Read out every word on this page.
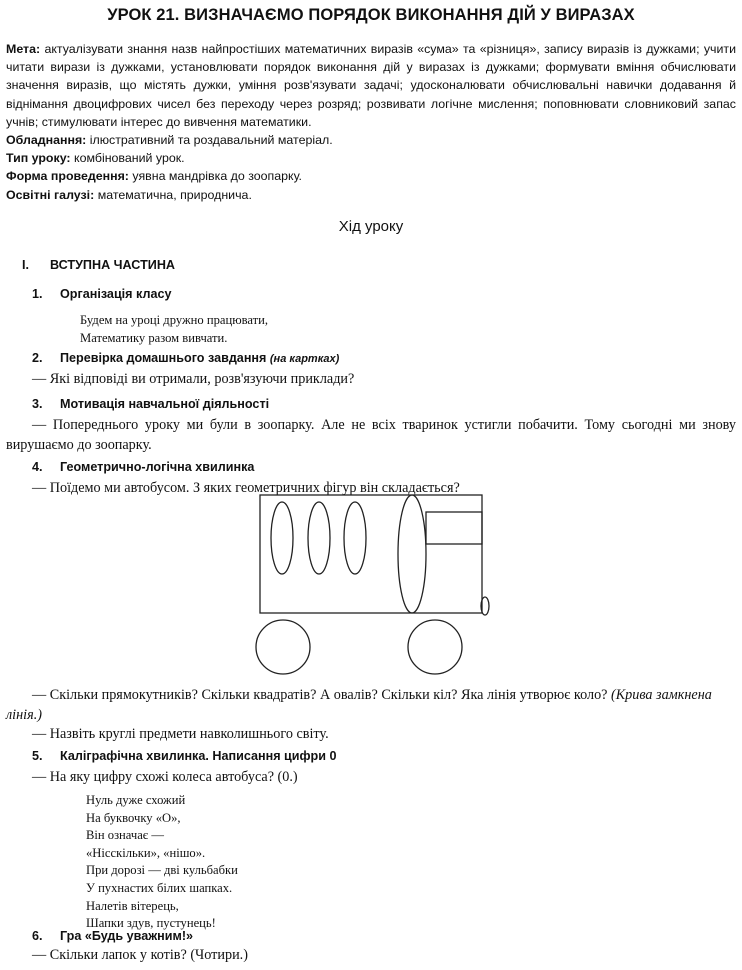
УРОК 21. ВИЗНАЧАЄМО ПОРЯДОК ВИКОНАННЯ ДІЙ У ВИРАЗАХ

Мета: актуалізувати знання назв найпростіших математичних виразів «сума» та «різниця», запису виразів із дужками; учити читати вирази із дужками, установлювати порядок виконання дій у виразах із дужками; формувати вміння обчислювати значення виразів, що містять дужки, уміння розв'язувати задачі; удосконалювати обчислювальні навички додавання й віднімання двоцифрових чисел без переходу через розряд; розвивати логічне мислення; поповнювати словниковий запас учнів; стимулювати інтерес до вивчення математики.

Обладнання: ілюстративний та роздавальний матеріал.

Тип уроку: комбінований урок.

Форма проведення: уявна мандрівка до зоопарку.

Освітні галузі: математична, природнича.

Хід уроку
I. ВСТУПНА ЧАСТИНА
1. Організація класу
Будем на уроці дружно працювати,
Математику разом вивчати.
2. Перевірка домашнього завдання (на картках)
— Які відповіді ви отримали, розв'язуючи приклади?
3. Мотивація навчальної діяльності
— Попереднього уроку ми були в зоопарку. Але не всіх тваринок устигли побачити. Тому сьогодні ми знову вирушаємо до зоопарку.
4. Геометрично-логічна хвилинка
— Поїдемо ми автобусом. З яких геометричних фігур він складається?
— Скільки прямокутників? Скільки квадратів? А овалів? Скільки кіл? Яка лінія утворює коло? (Крива замкнена лінія.)
— Назвіть круглі предмети навколишнього світу.
5. Каліграфічна хвилинка. Написання цифри 0
— На яку цифру схожі колеса автобуса? (0.)
Нуль дуже схожий
На буквочку «О»,
Він означає —
«Нісскільки», «нішо».
При дорозі — дві кульбабки
У пухнастих білих шапках.
Налетів вітерець,
Шапки здув, пустунець!
6. Гра «Будь уважним!»
— Скільки лапок у котів? (Чотири.)
